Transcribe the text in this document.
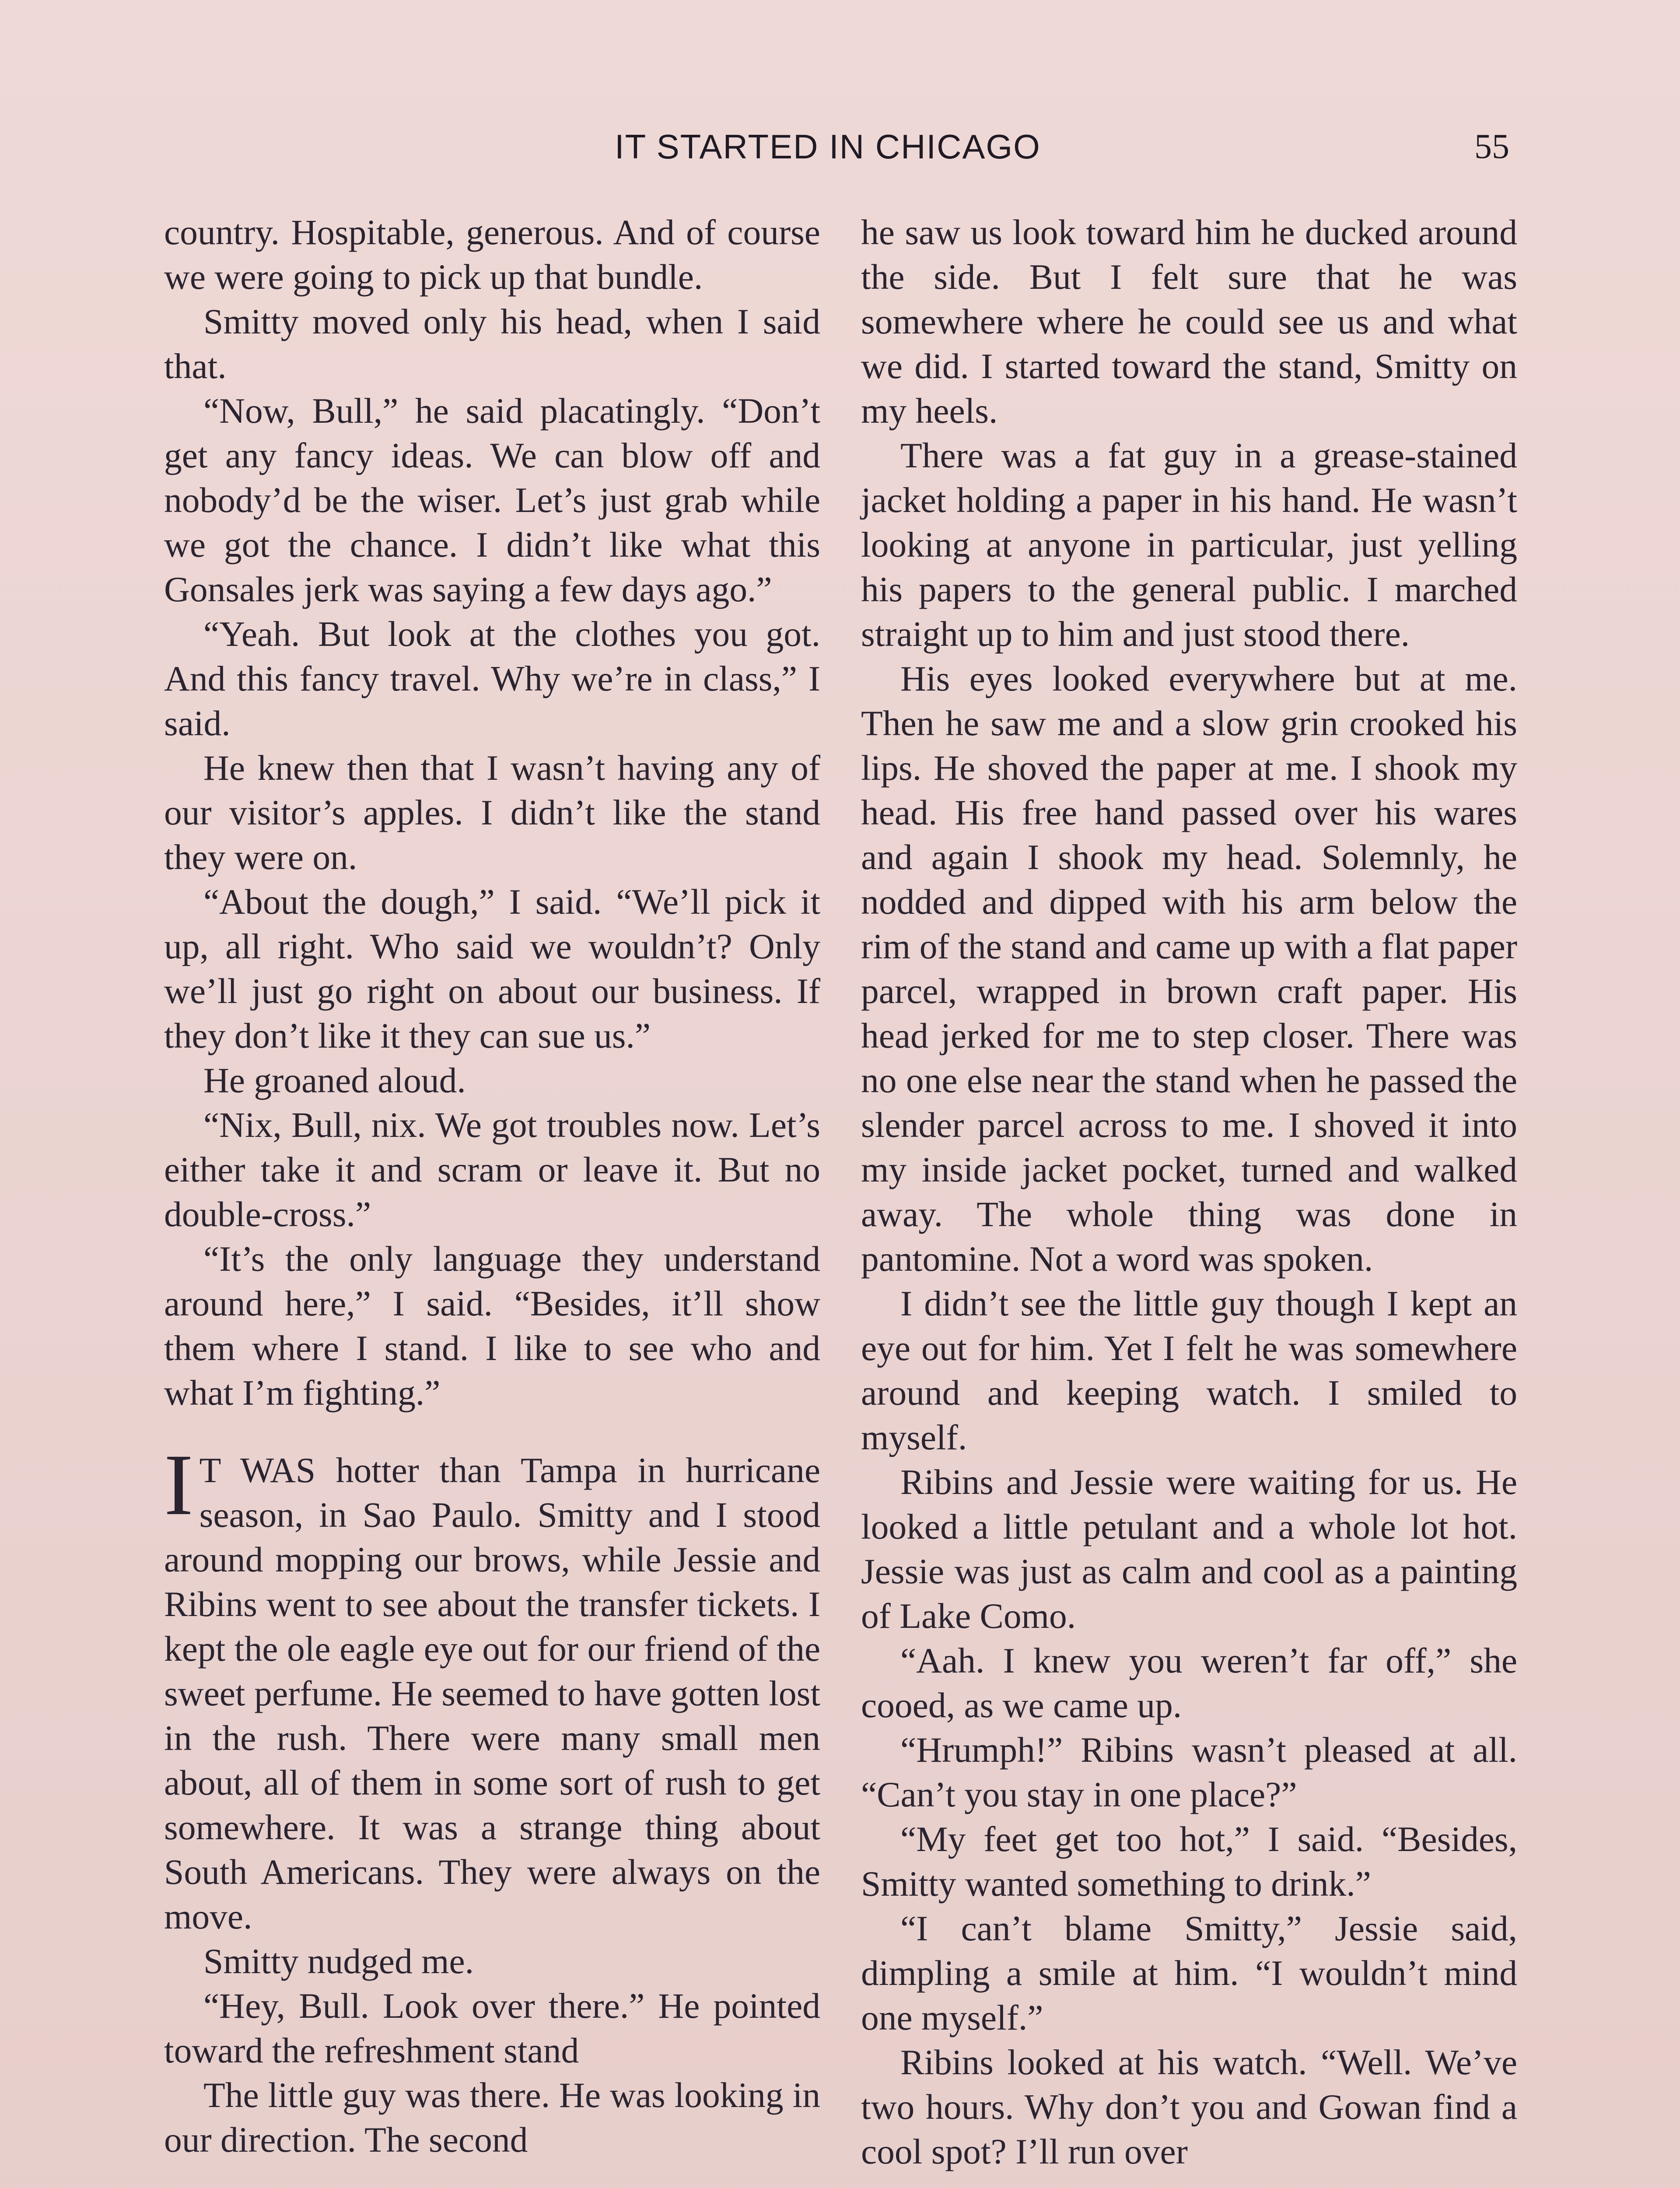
IT STARTED IN CHICAGO	55

country. Hospitable, generous. And of course we were going to pick up that bundle.

Smitty moved only his head, when I said that.

“Now, Bull,” he said placatingly. “Don’t get any fancy ideas. We can blow off and nobody’d be the wiser. Let’s just grab while we got the chance. I didn’t like what this Gonsales jerk was saying a few days ago.”

“Yeah. But look at the clothes you got. And this fancy travel. Why we’re in class,” I said.

He knew then that I wasn’t having any of our visitor’s apples. I didn’t like the stand they were on.

“About the dough,” I said. “We’ll pick it up, all right. Who said we wouldn’t? Only we’ll just go right on about our business. If they don’t like it they can sue us.”

He groaned aloud.

“Nix, Bull, nix. We got troubles now. Let’s either take it and scram or leave it. But no double-cross.”

“It’s the only language they understand around here,” I said. “Besides, it’ll show them where I stand. I like to see who and what I’m fighting.”

I T WAS hotter than Tampa in hurricane season, in Sao Paulo. Smitty and I stood around mopping our brows, while Jessie and Ribins went to see about the transfer tickets. I kept the ole eagle eye out for our friend of the sweet perfume. He seemed to have gotten lost in the rush. There were many small men about, all of them in some sort of rush to get somewhere. It was a strange thing about South Americans. They were always on the move.

Smitty nudged me.

“Hey, Bull. Look over there.” He pointed toward the refreshment stand

The little guy was there. He was looking in our direction. The second

he saw us look toward him he ducked around the side. But I felt sure that he was somewhere where he could see us and what we did. I started toward the stand, Smitty on my heels.

There was a fat guy in a grease-stained jacket holding a paper in his hand. He wasn’t looking at anyone in particular, just yelling his papers to the general public. I marched straight up to him and just stood there.

His eyes looked everywhere but at me. Then he saw me and a slow grin crooked his lips. He shoved the paper at me. I shook my head. His free hand passed over his wares and again I shook my head. Solemnly, he nodded and dipped with his arm below the rim of the stand and came up with a flat paper parcel, wrapped in brown craft paper. His head jerked for me to step closer. There was no one else near the stand when he passed the slender parcel across to me. I shoved it into my inside jacket pocket, turned and walked away. The whole thing was done in pantomine. Not a word was spoken.

I didn’t see the little guy though I kept an eye out for him. Yet I felt he was somewhere around and keeping watch. I smiled to myself.

Ribins and Jessie were waiting for us. He looked a little petulant and a whole lot hot. Jessie was just as calm and cool as a painting of Lake Como.

“Aah. I knew you weren’t far off,” she cooed, as we came up.

“Hrumph!” Ribins wasn’t pleased at all. “Can’t you stay in one place?”

“My feet get too hot,” I said. “Besides, Smitty wanted something to drink.”

“I can’t blame Smitty,” Jessie said, dimpling a smile at him. “I wouldn’t mind one myself.”

Ribins looked at his watch. “Well. We’ve two hours. Why don’t you and Gowan find a cool spot? I’ll run over
